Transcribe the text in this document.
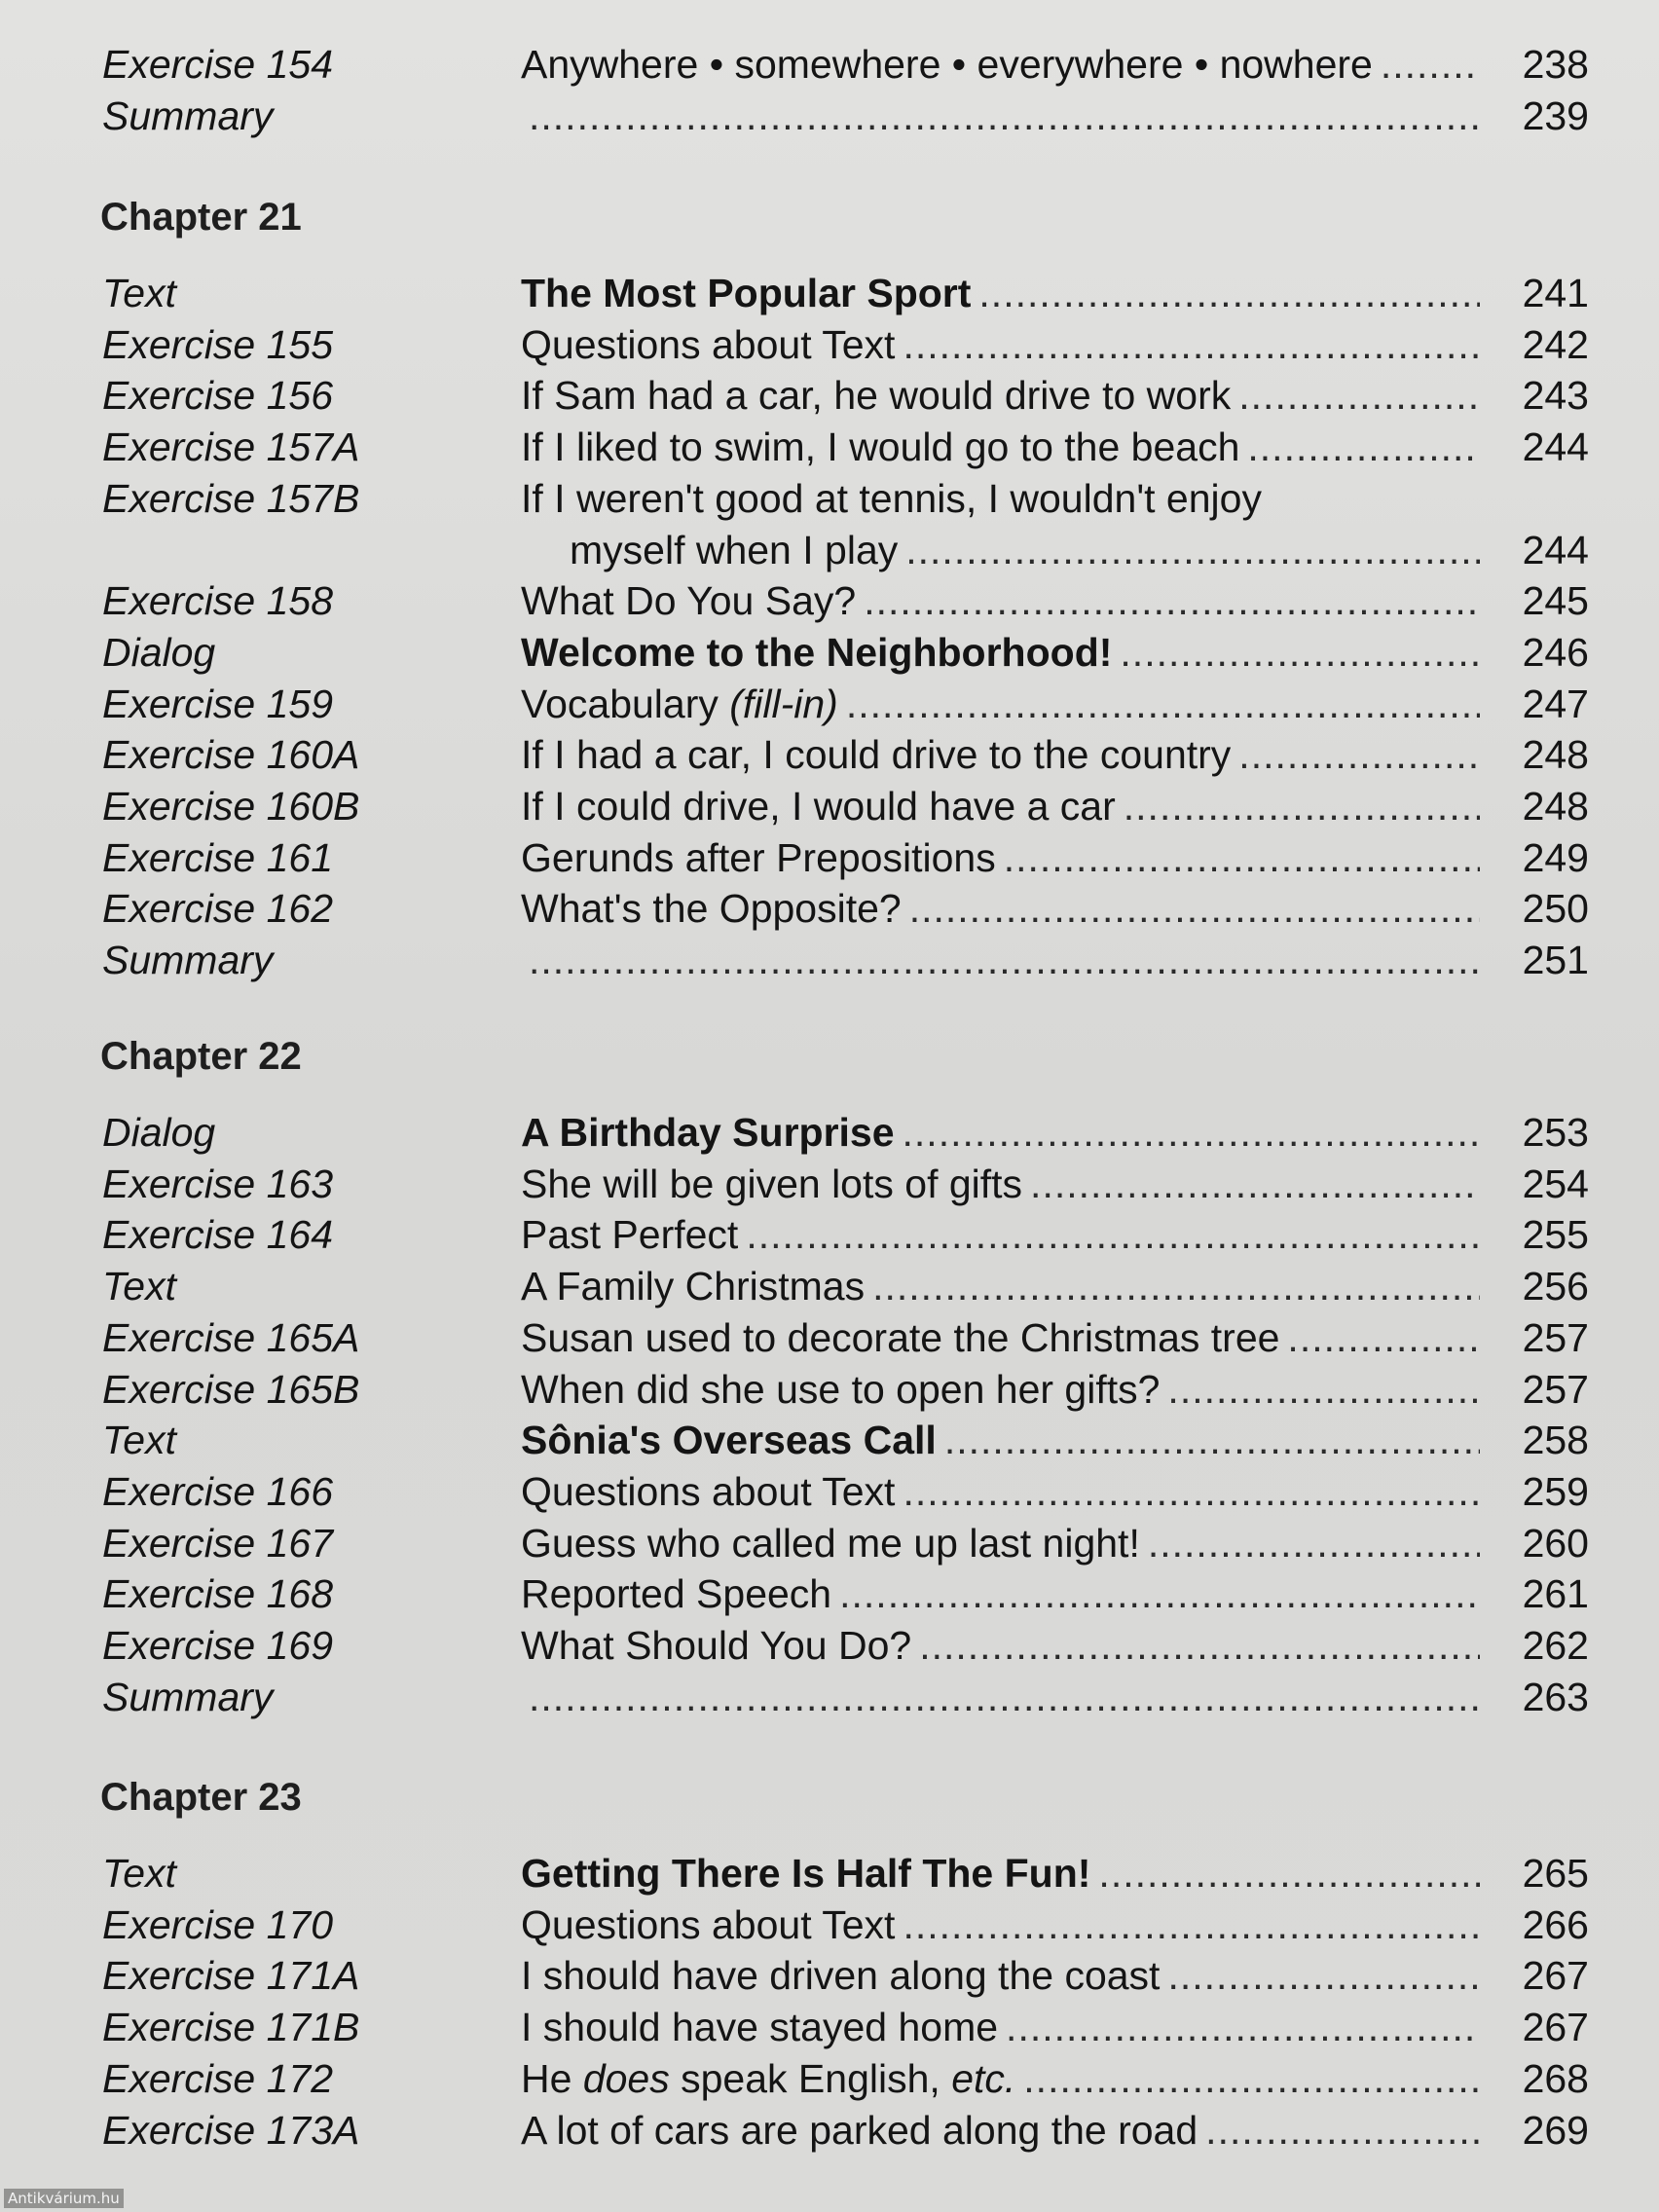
Exercise 154	Anywhere • somewhere • everywhere • nowhere .....	238
Summary .....	239
Chapter 21
Text	The Most Popular Sport .....	241
Exercise 155	Questions about Text .....	242
Exercise 156	If Sam had a car, he would drive to work .....	243
Exercise 157A	If I liked to swim, I would go to the beach .....	244
Exercise 157B	If I weren't good at tennis, I wouldn't enjoy
myself when I play .....	244
Exercise 158	What Do You Say? .....	245
Dialog	Welcome to the Neighborhood! .....	246
Exercise 159	Vocabulary (fill-in) .....	247
Exercise 160A	If I had a car, I could drive to the country .....	248
Exercise 160B	If I could drive, I would have a car .....	248
Exercise 161	Gerunds after Prepositions .....	249
Exercise 162	What's the Opposite? .....	250
Summary .....	251
Chapter 22
Dialog	A Birthday Surprise .....	253
Exercise 163	She will be given lots of gifts .....	254
Exercise 164	Past Perfect .....	255
Text	A Family Christmas .....	256
Exercise 165A	Susan used to decorate the Christmas tree .....	257
Exercise 165B	When did she use to open her gifts? .....	257
Text	Sônia's Overseas Call .....	258
Exercise 166	Questions about Text .....	259
Exercise 167	Guess who called me up last night! .....	260
Exercise 168	Reported Speech .....	261
Exercise 169	What Should You Do? .....	262
Summary .....	263
Chapter 23
Text	Getting There Is Half The Fun! .....	265
Exercise 170	Questions about Text .....	266
Exercise 171A	I should have driven along the coast .....	267
Exercise 171B	I should have stayed home .....	267
Exercise 172	He does speak English, etc. .....	268
Exercise 173A	A lot of cars are parked along the road .....	269
Antikvárium.hu
